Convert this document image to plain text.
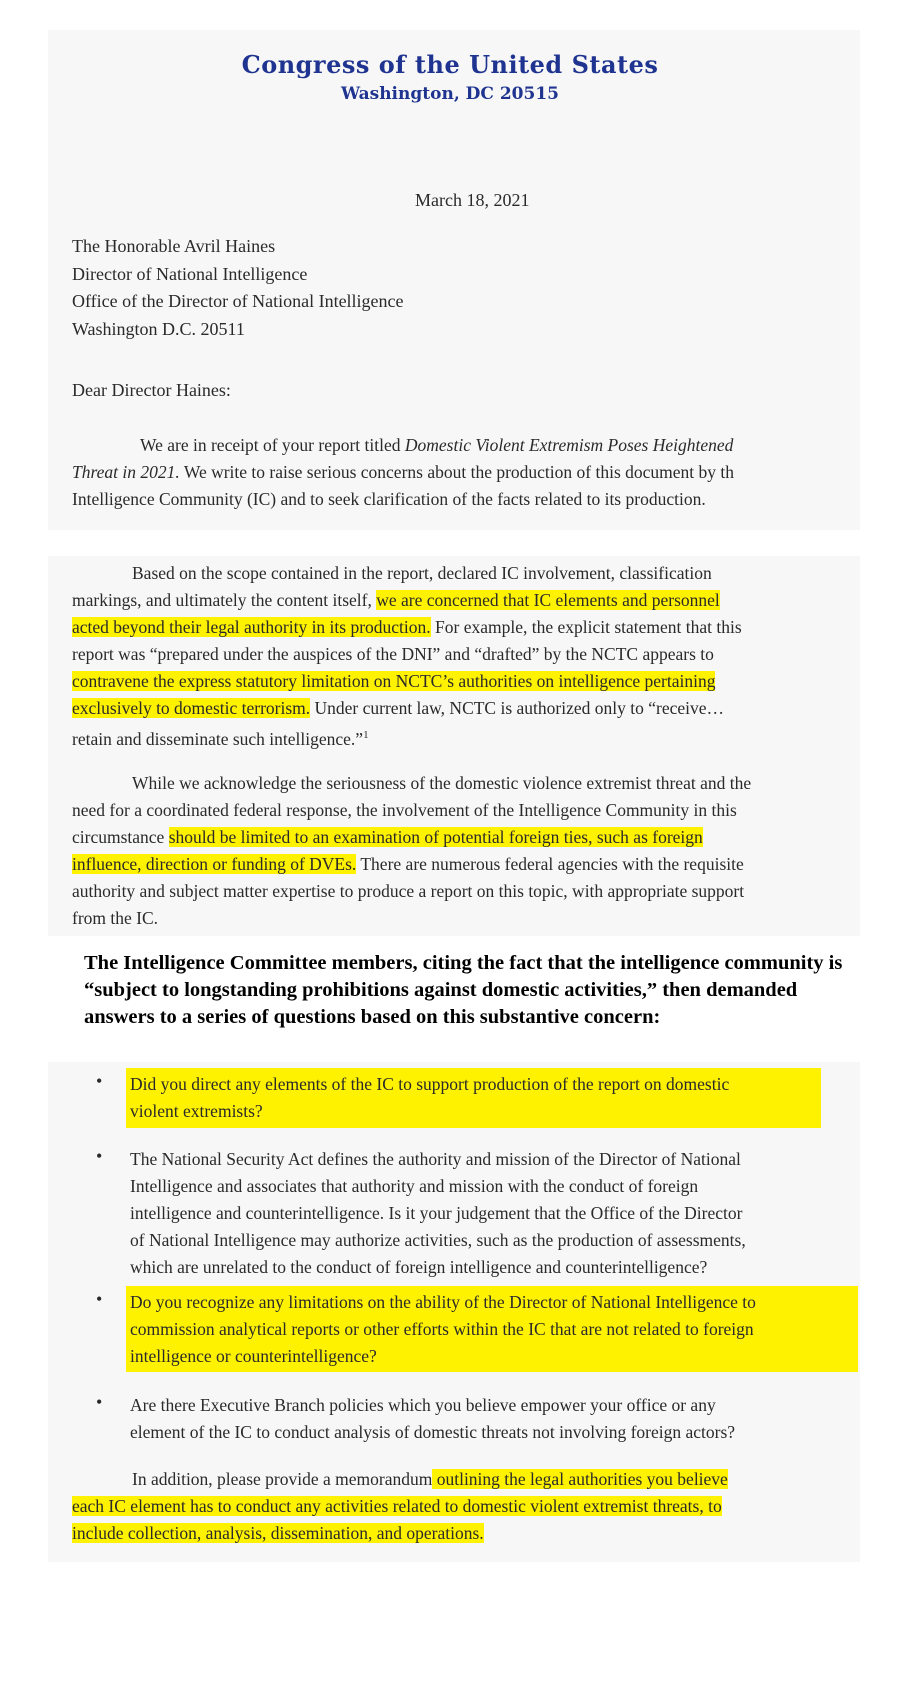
Congress of the United States
Washington, DC 20515
March 18, 2021
The Honorable Avril Haines
Director of National Intelligence
Office of the Director of National Intelligence
Washington D.C. 20511
Dear Director Haines:
We are in receipt of your report titled Domestic Violent Extremism Poses Heightened
Threat in 2021. We write to raise serious concerns about the production of this document by th
Intelligence Community (IC) and to seek clarification of the facts related to its production.
Based on the scope contained in the report, declared IC involvement, classification
markings, and ultimately the content itself, we are concerned that IC elements and personnel
acted beyond their legal authority in its production. For example, the explicit statement that this
report was “prepared under the auspices of the DNI” and “drafted” by the NCTC appears to
contravene the express statutory limitation on NCTC’s authorities on intelligence pertaining
exclusively to domestic terrorism. Under current law, NCTC is authorized only to “receive…
retain and disseminate such intelligence.”$^1$
While we acknowledge the seriousness of the domestic violence extremist threat and the
need for a coordinated federal response, the involvement of the Intelligence Community in this
circumstance should be limited to an examination of potential foreign ties, such as foreign
influence, direction or funding of DVEs. There are numerous federal agencies with the requisite
authority and subject matter expertise to produce a report on this topic, with appropriate support
from the IC.
The Intelligence Committee members, citing the fact that the intelligence community is “subject to longstanding prohibitions against domestic activities,” then demanded answers to a series of questions based on this substantive concern:
• Did you direct any elements of the IC to support production of the report on domestic
violent extremists?
• The National Security Act defines the authority and mission of the Director of National
Intelligence and associates that authority and mission with the conduct of foreign
intelligence and counterintelligence. Is it your judgement that the Office of the Director
of National Intelligence may authorize activities, such as the production of assessments,
which are unrelated to the conduct of foreign intelligence and counterintelligence?
• Do you recognize any limitations on the ability of the Director of National Intelligence to
commission analytical reports or other efforts within the IC that are not related to foreign
intelligence or counterintelligence?
• Are there Executive Branch policies which you believe empower your office or any
element of the IC to conduct analysis of domestic threats not involving foreign actors?
In addition, please provide a memorandum outlining the legal authorities you believe
each IC element has to conduct any activities related to domestic violent extremist threats, to
include collection, analysis, dissemination, and operations.
